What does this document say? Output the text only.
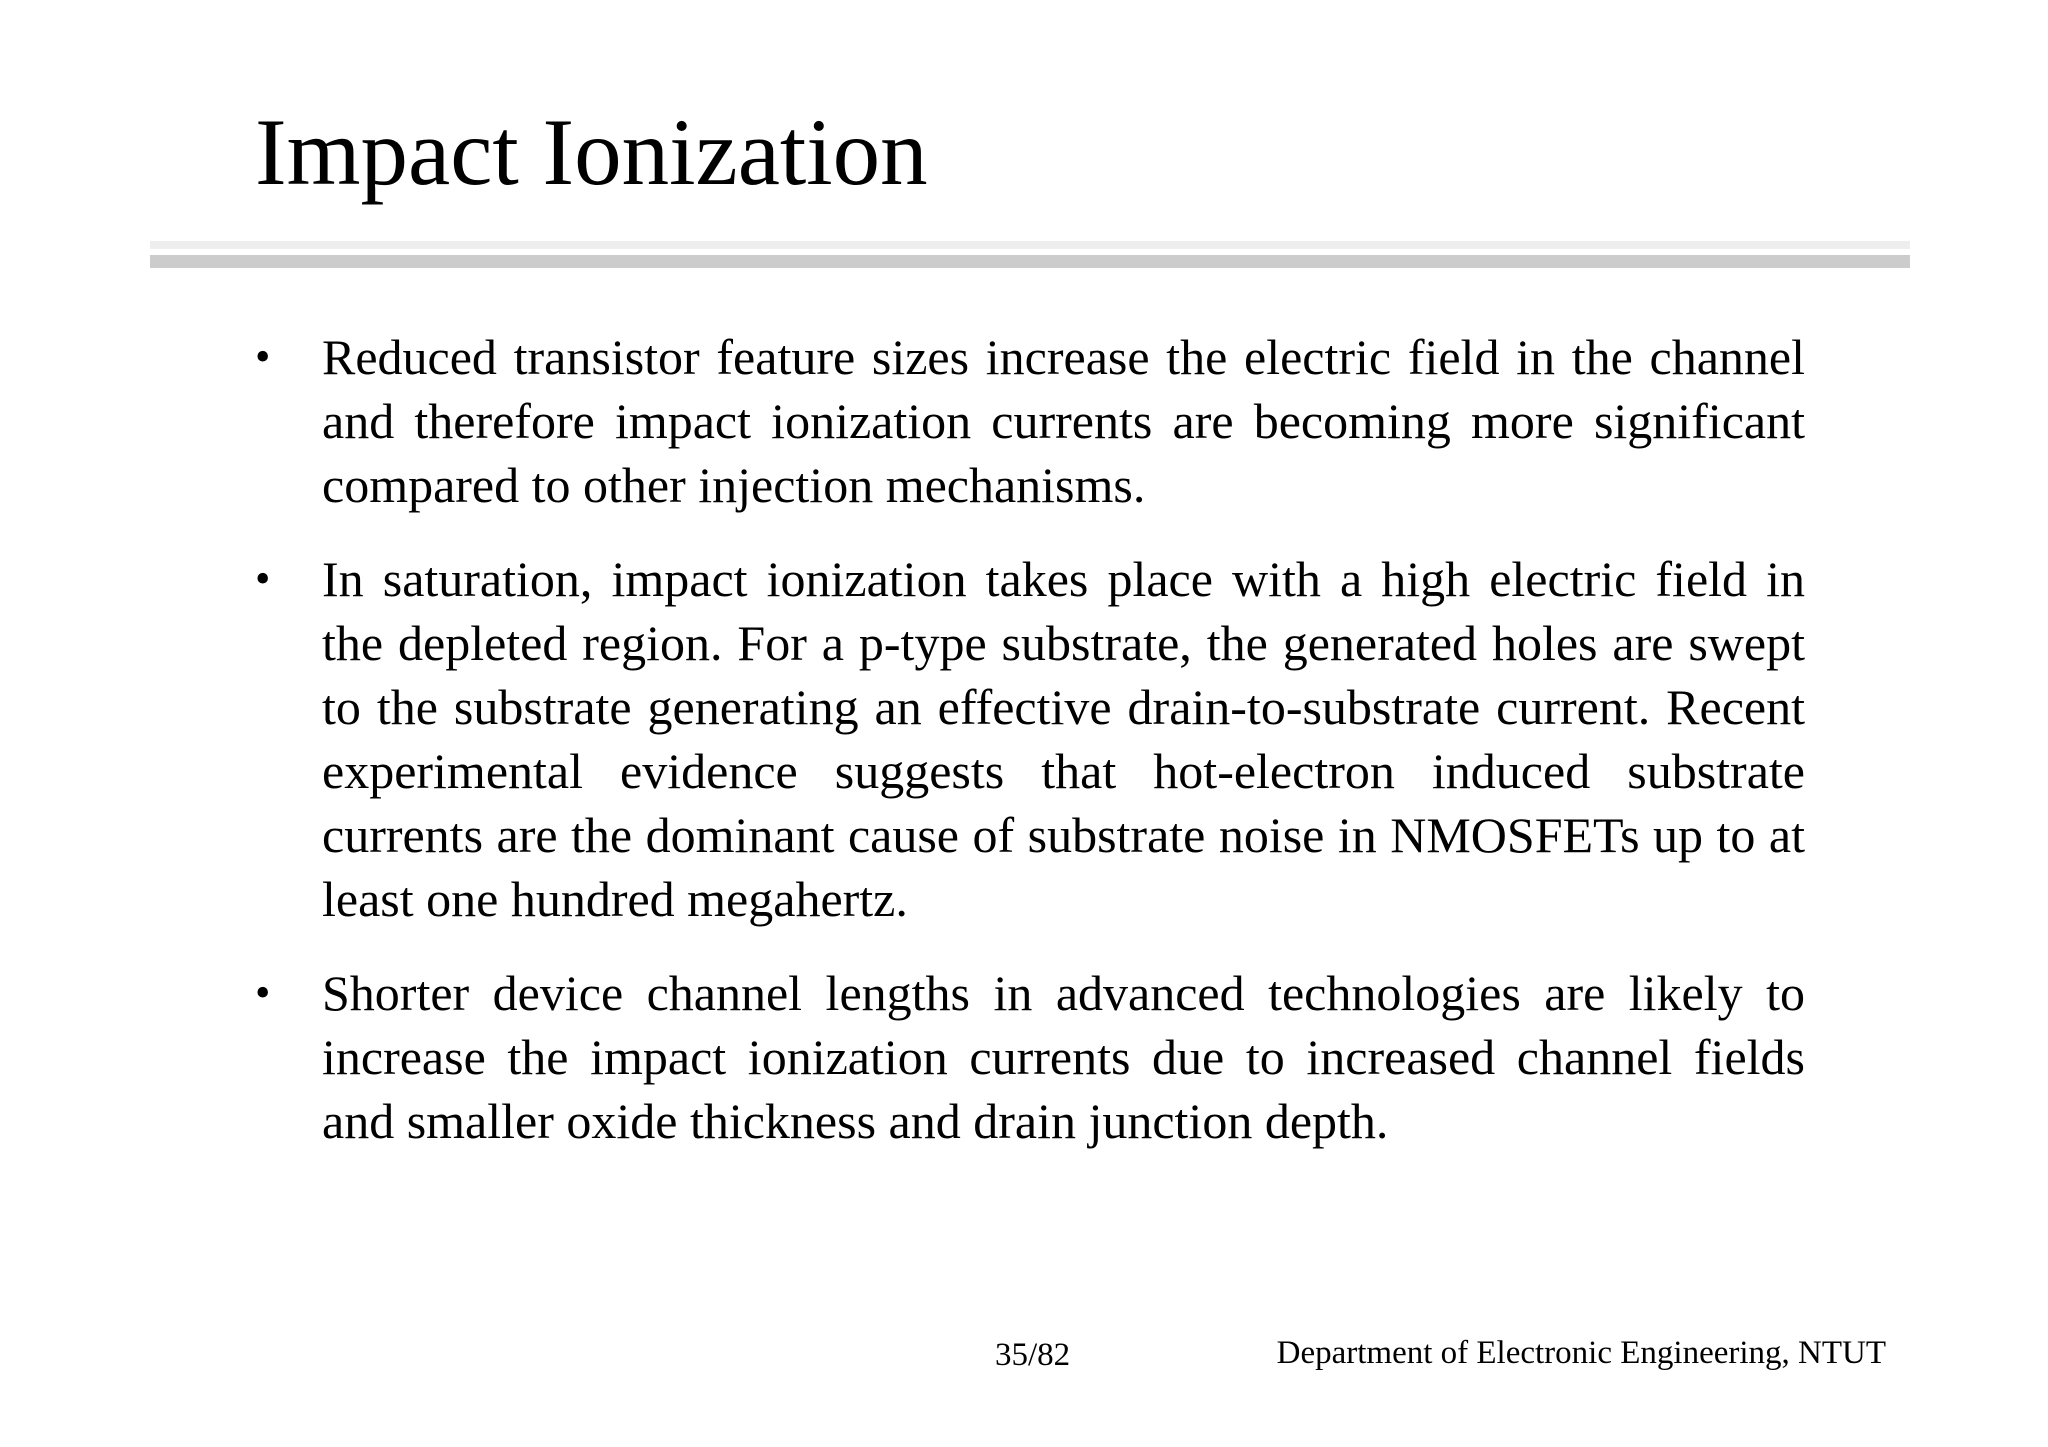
Impact Ionization
• Reduced transistor feature sizes increase the electric field in the channel and therefore impact ionization currents are becoming more significant compared to other injection mechanisms.
• In saturation, impact ionization takes place with a high electric field in the depleted region. For a p-type substrate, the generated holes are swept to the substrate generating an effective drain-to-substrate current. Recent experimental evidence suggests that hot-electron induced substrate currents are the dominant cause of substrate noise in NMOSFETs up to at least one hundred megahertz.
• Shorter device channel lengths in advanced technologies are likely to increase the impact ionization currents due to increased channel fields and smaller oxide thickness and drain junction depth.
35/82	Department of Electronic Engineering, NTUT
